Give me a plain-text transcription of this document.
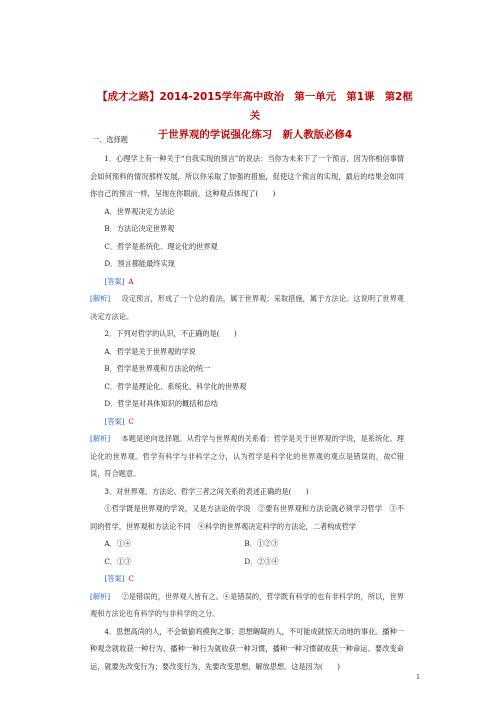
【成才之路】2014-2015学年高中政治　第一单元　第1课　第2框　关
于世界观的学说强化练习　新人教版必修4
一、选择题

1．心理学上有一种关于“自我实现的预言”的说法：当你为未来下了一个预言，因为你相信事情会如何预料的情况那样发展，所以你采取了加强的措施，促使这个预言的实现，最后的结果会如同你自己的预言一样，呈现在你眼前。这种观点体现了(　　)

A．世界观决定方法论

B．方法论决定世界观

C．哲学是系统化、理论化的世界观

D．预言都能最终实现

[答案] A

[解析]　 设定预言，形成了一个总的看法，属于世界观；采取措施，属于方法论。这说明了世界观决定方法论。

2．下列对哲学的认识，不正确的是(　　)

A．哲学是关于世界观的学说

B．哲学是世界观和方法论的统一

C．哲学是理论化、系统化、科学化的世界观

D．哲学是对具体知识的概括和总结

[答案] C

[解析]　 本题是逆向选择题。从哲学与世界观的关系看：哲学是关于世界观的学说，是系统化、理论化的世界观。哲学有科学与非科学之分，认为哲学是科学化的世界观的观点是错误的，故C错误，符合题意。

3．对世界观、方法论、哲学三者之间关系的表述正确的是(　　)

①哲学既是世界观的学说，又是方法论的学说　②要有世界观和方法论就必须学习哲学　③不同的哲学，世界观和方法论不同　④科学的世界观决定科学的方法论，二者构成哲学

A．①④	B．①②③
C．①③	D．②③④

[答案] C

[解析]　 ②是错误的，世界观人皆有之。④是错误的，哲学既有科学的也有非科学的，所以，世界观和方法论也有科学的与非科学的之分。

4．思想高尚的人，不会做偷鸡摸狗之事；思想龌龊的人，不可能成就惊天动地的事业。播种一种观念就收获一种行为，播种一种行为就收获一种习惯，播种一种习惯就收获一种命运。要改变命运，就要先改变行为；要改变行为，先要改变思想，解放思想。这是因为(　　)

1
